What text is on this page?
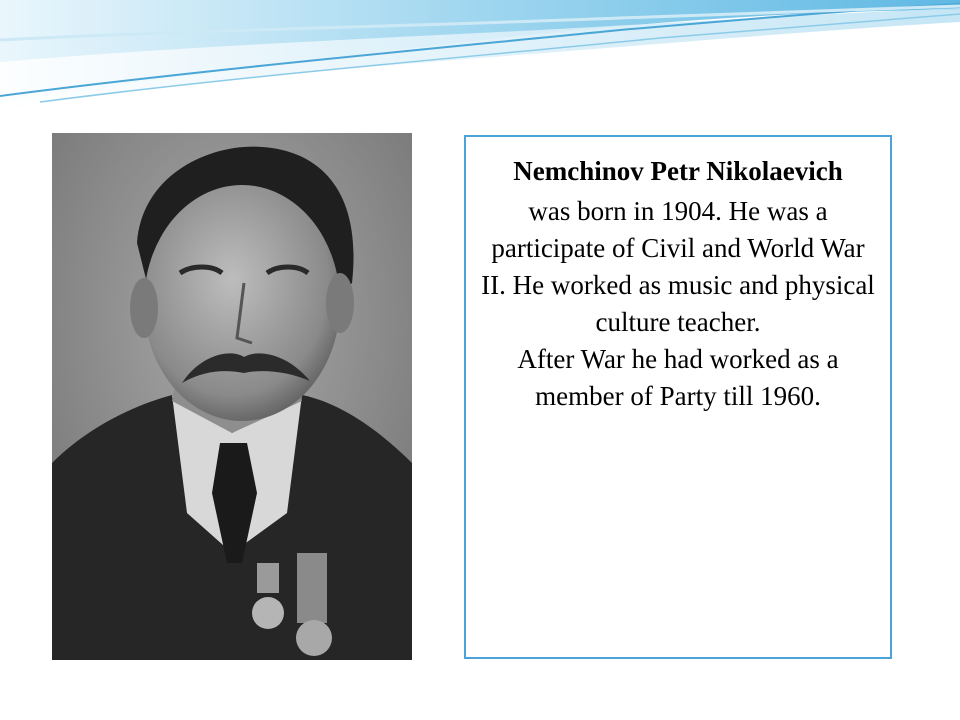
Nemchinov Petr Nikolaevich
was born in 1904. He was a participate of Civil and World War II. He worked as music and physical culture teacher.
After War he had worked as a member of Party till 1960.
